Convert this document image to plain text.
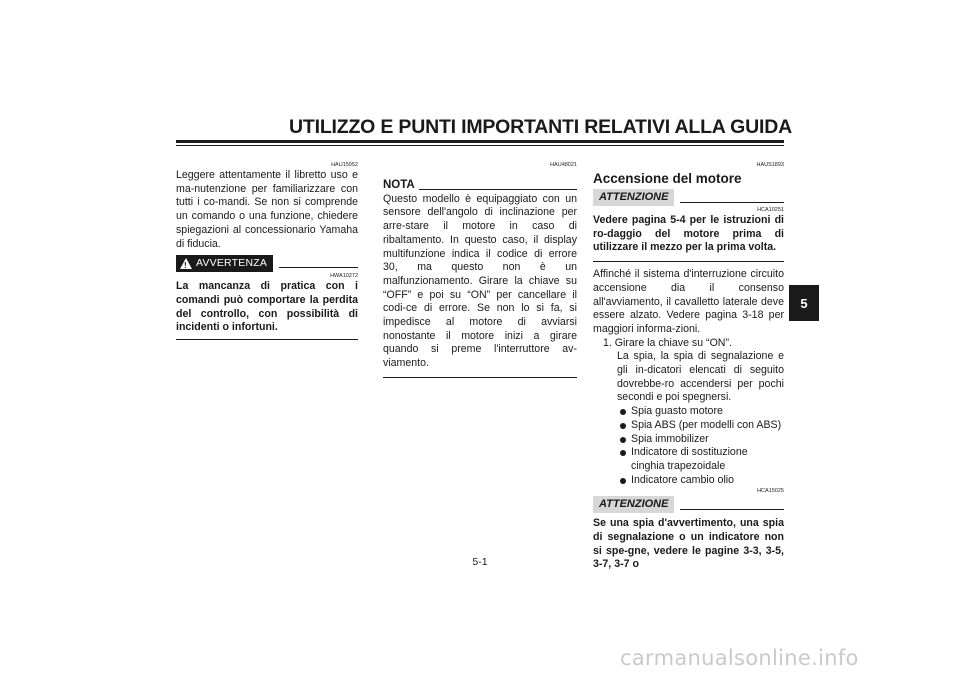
UTILIZZO E PUNTI IMPORTANTI RELATIVI ALLA GUIDA
5
HAU15952

Leggere attentamente il libretto uso e ma-nutenzione per familiarizzare con tutti i co-mandi. Se non si comprende un comando o una funzione, chiedere spiegazioni al concessionario Yamaha di fiducia.

!
AVVERTENZA
HWA10272

La mancanza di pratica con i comandi può comportare la perdita del controllo, con possibilità di incidenti o infortuni.

HAU48021
NOTA

Questo modello è equipaggiato con un sensore dell'angolo di inclinazione per arre-stare il motore in caso di ribaltamento. In questo caso, il display multifunzione indica il codice di errore 30, ma questo non è un malfunzionamento. Girare la chiave su “OFF” e poi su “ON” per cancellare il codi-ce di errore. Se non lo si fa, si impedisce al motore di avviarsi nonostante il motore inizi a girare quando si preme l'interruttore av-viamento.

HAUS1893
Accensione del motore
ATTENZIONE
HCA10251

Vedere pagina 5-4 per le istruzioni di ro-daggio del motore prima di utilizzare il mezzo per la prima volta.

Affinché il sistema d'interruzione circuito accensione dia il consenso all'avviamento, il cavalletto laterale deve essere alzato. Vedere pagina 3-18 per maggiori informa-zioni.

1. Girare la chiave su “ON”.

La spia, la spia di segnalazione e gli in-dicatori elencati di seguito dovrebbe-ro accendersi per pochi secondi e poi spegnersi.

Spia guasto motore
Spia ABS (per modelli con ABS)
Spia immobilizer
Indicatore di sostituzione cinghia trapezoidale
Indicatore cambio olio
HCA15025
ATTENZIONE

Se una spia d'avvertimento, una spia di segnalazione o un indicatore non si spe-gne, vedere le pagine 3-3, 3-5, 3-7, 3-7 o

5-1
carmanualsonline.info
